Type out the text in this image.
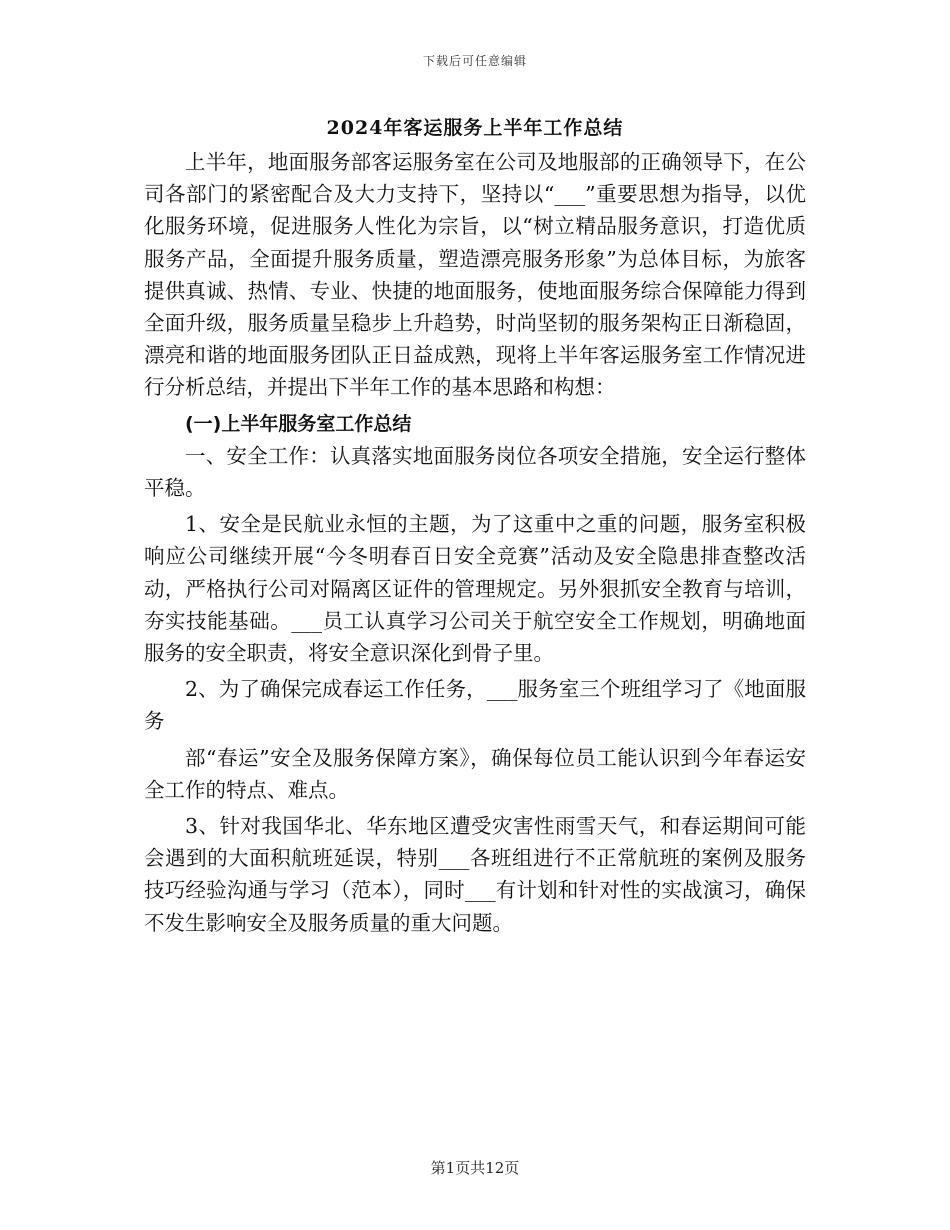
下载后可任意编辑
2024年客运服务上半年工作总结

上半年，地面服务部客运服务室在公司及地服部的正确领导下，在公司各部门的紧密配合及大力支持下，坚持以“___”重要思想为指导，以优化服务环境，促进服务人性化为宗旨，以“树立精品服务意识，打造优质服务产品，全面提升服务质量，塑造漂亮服务形象”为总体目标，为旅客提供真诚、热情、专业、快捷的地面服务，使地面服务综合保障能力得到全面升级，服务质量呈稳步上升趋势，时尚坚韧的服务架构正日渐稳固，漂亮和谐的地面服务团队正日益成熟，现将上半年客运服务室工作情况进行分析总结，并提出下半年工作的基本思路和构想：

(一)上半年服务室工作总结

一、安全工作：认真落实地面服务岗位各项安全措施，安全运行整体平稳。

1、安全是民航业永恒的主题，为了这重中之重的问题，服务室积极响应公司继续开展“今冬明春百日安全竞赛”活动及安全隐患排查整改活动，严格执行公司对隔离区证件的管理规定。另外狠抓安全教育与培训，夯实技能基础。___员工认真学习公司关于航空安全工作规划，明确地面服务的安全职责，将安全意识深化到骨子里。

2、为了确保完成春运工作任务，___服务室三个班组学习了《地面服务

部“春运”安全及服务保障方案》，确保每位员工能认识到今年春运安全工作的特点、难点。

3、针对我国华北、华东地区遭受灾害性雨雪天气，和春运期间可能会遇到的大面积航班延误，特别___各班组进行不正常航班的案例及服务技巧经验沟通与学习（范本），同时___有计划和针对性的实战演习，确保不发生影响安全及服务质量的重大问题。

第1页共12页
